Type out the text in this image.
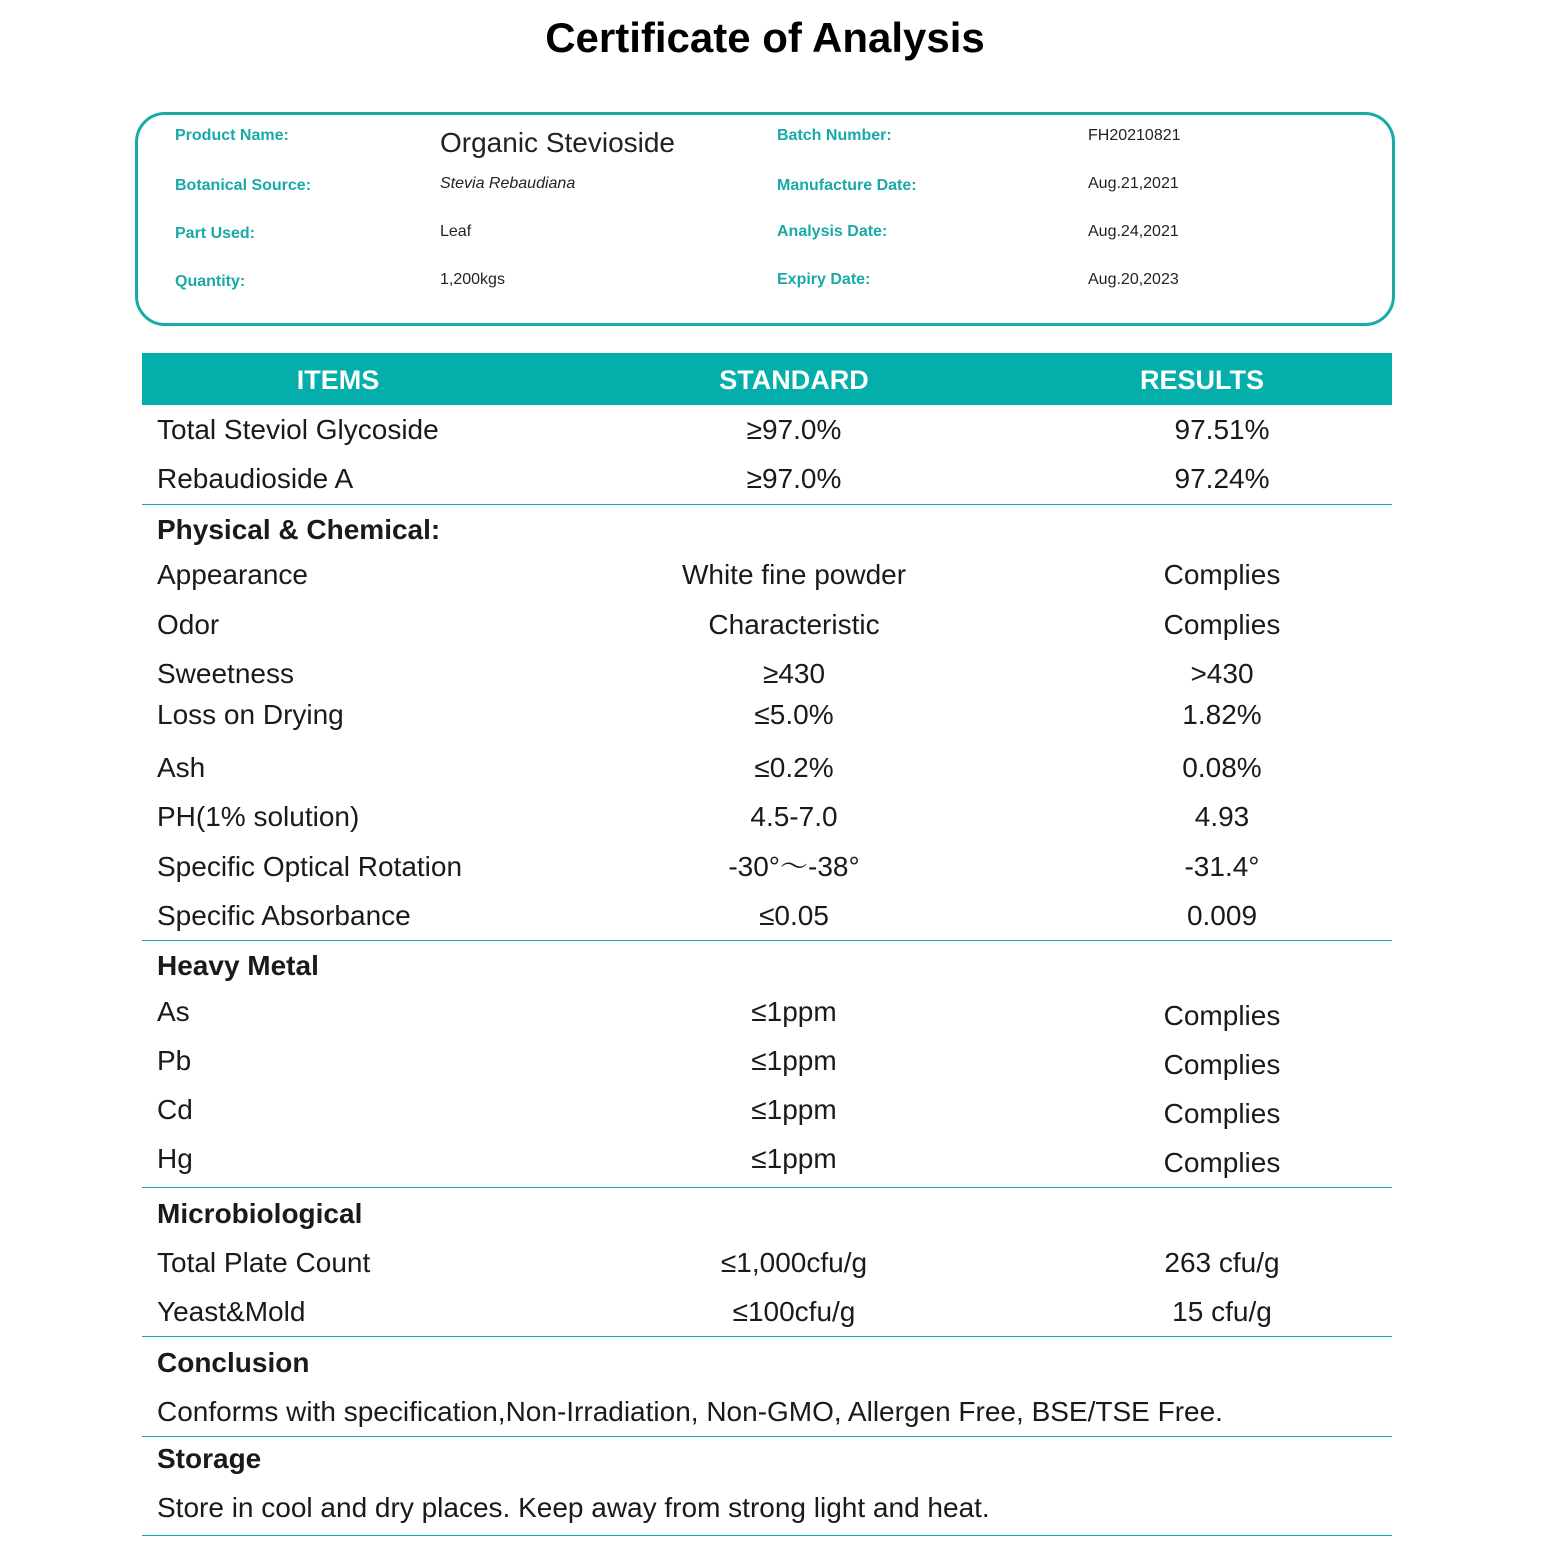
Certificate of Analysis
Product Name:	Organic Stevioside
Botanical Source:	Stevia Rebaudiana
Part Used:	Leaf
Quantity:	1,200kgs
Batch Number:	FH20210821
Manufacture Date:	Aug.21,2021
Analysis Date:	Aug.24,2021
Expiry Date:	Aug.20,2023
ITEMS	STANDARD	RESULTS
Total Steviol Glycoside	≥97.0%	97.51%
Rebaudioside A	≥97.0%	97.24%
Physical & Chemical:
Appearance	White fine powder	Complies
Odor	Characteristic	Complies
Sweetness	≥430	>430
Loss on Drying	≤5.0%	1.82%
Ash	≤0.2%	0.08%
PH(1% solution)	4.5-7.0	4.93
Specific Optical Rotation	-30°～-38°	-31.4°
Specific Absorbance	≤0.05	0.009
Heavy Metal
As	≤1ppm	Complies
Pb	≤1ppm	Complies
Cd	≤1ppm	Complies
Hg	≤1ppm	Complies
Microbiological
Total Plate Count	≤1,000cfu/g	263 cfu/g
Yeast&Mold	≤100cfu/g	15 cfu/g
Conclusion
Conforms with specification,Non-Irradiation, Non-GMO, Allergen Free, BSE/TSE Free.
Storage
Store in cool and dry places. Keep away from strong light and heat.
